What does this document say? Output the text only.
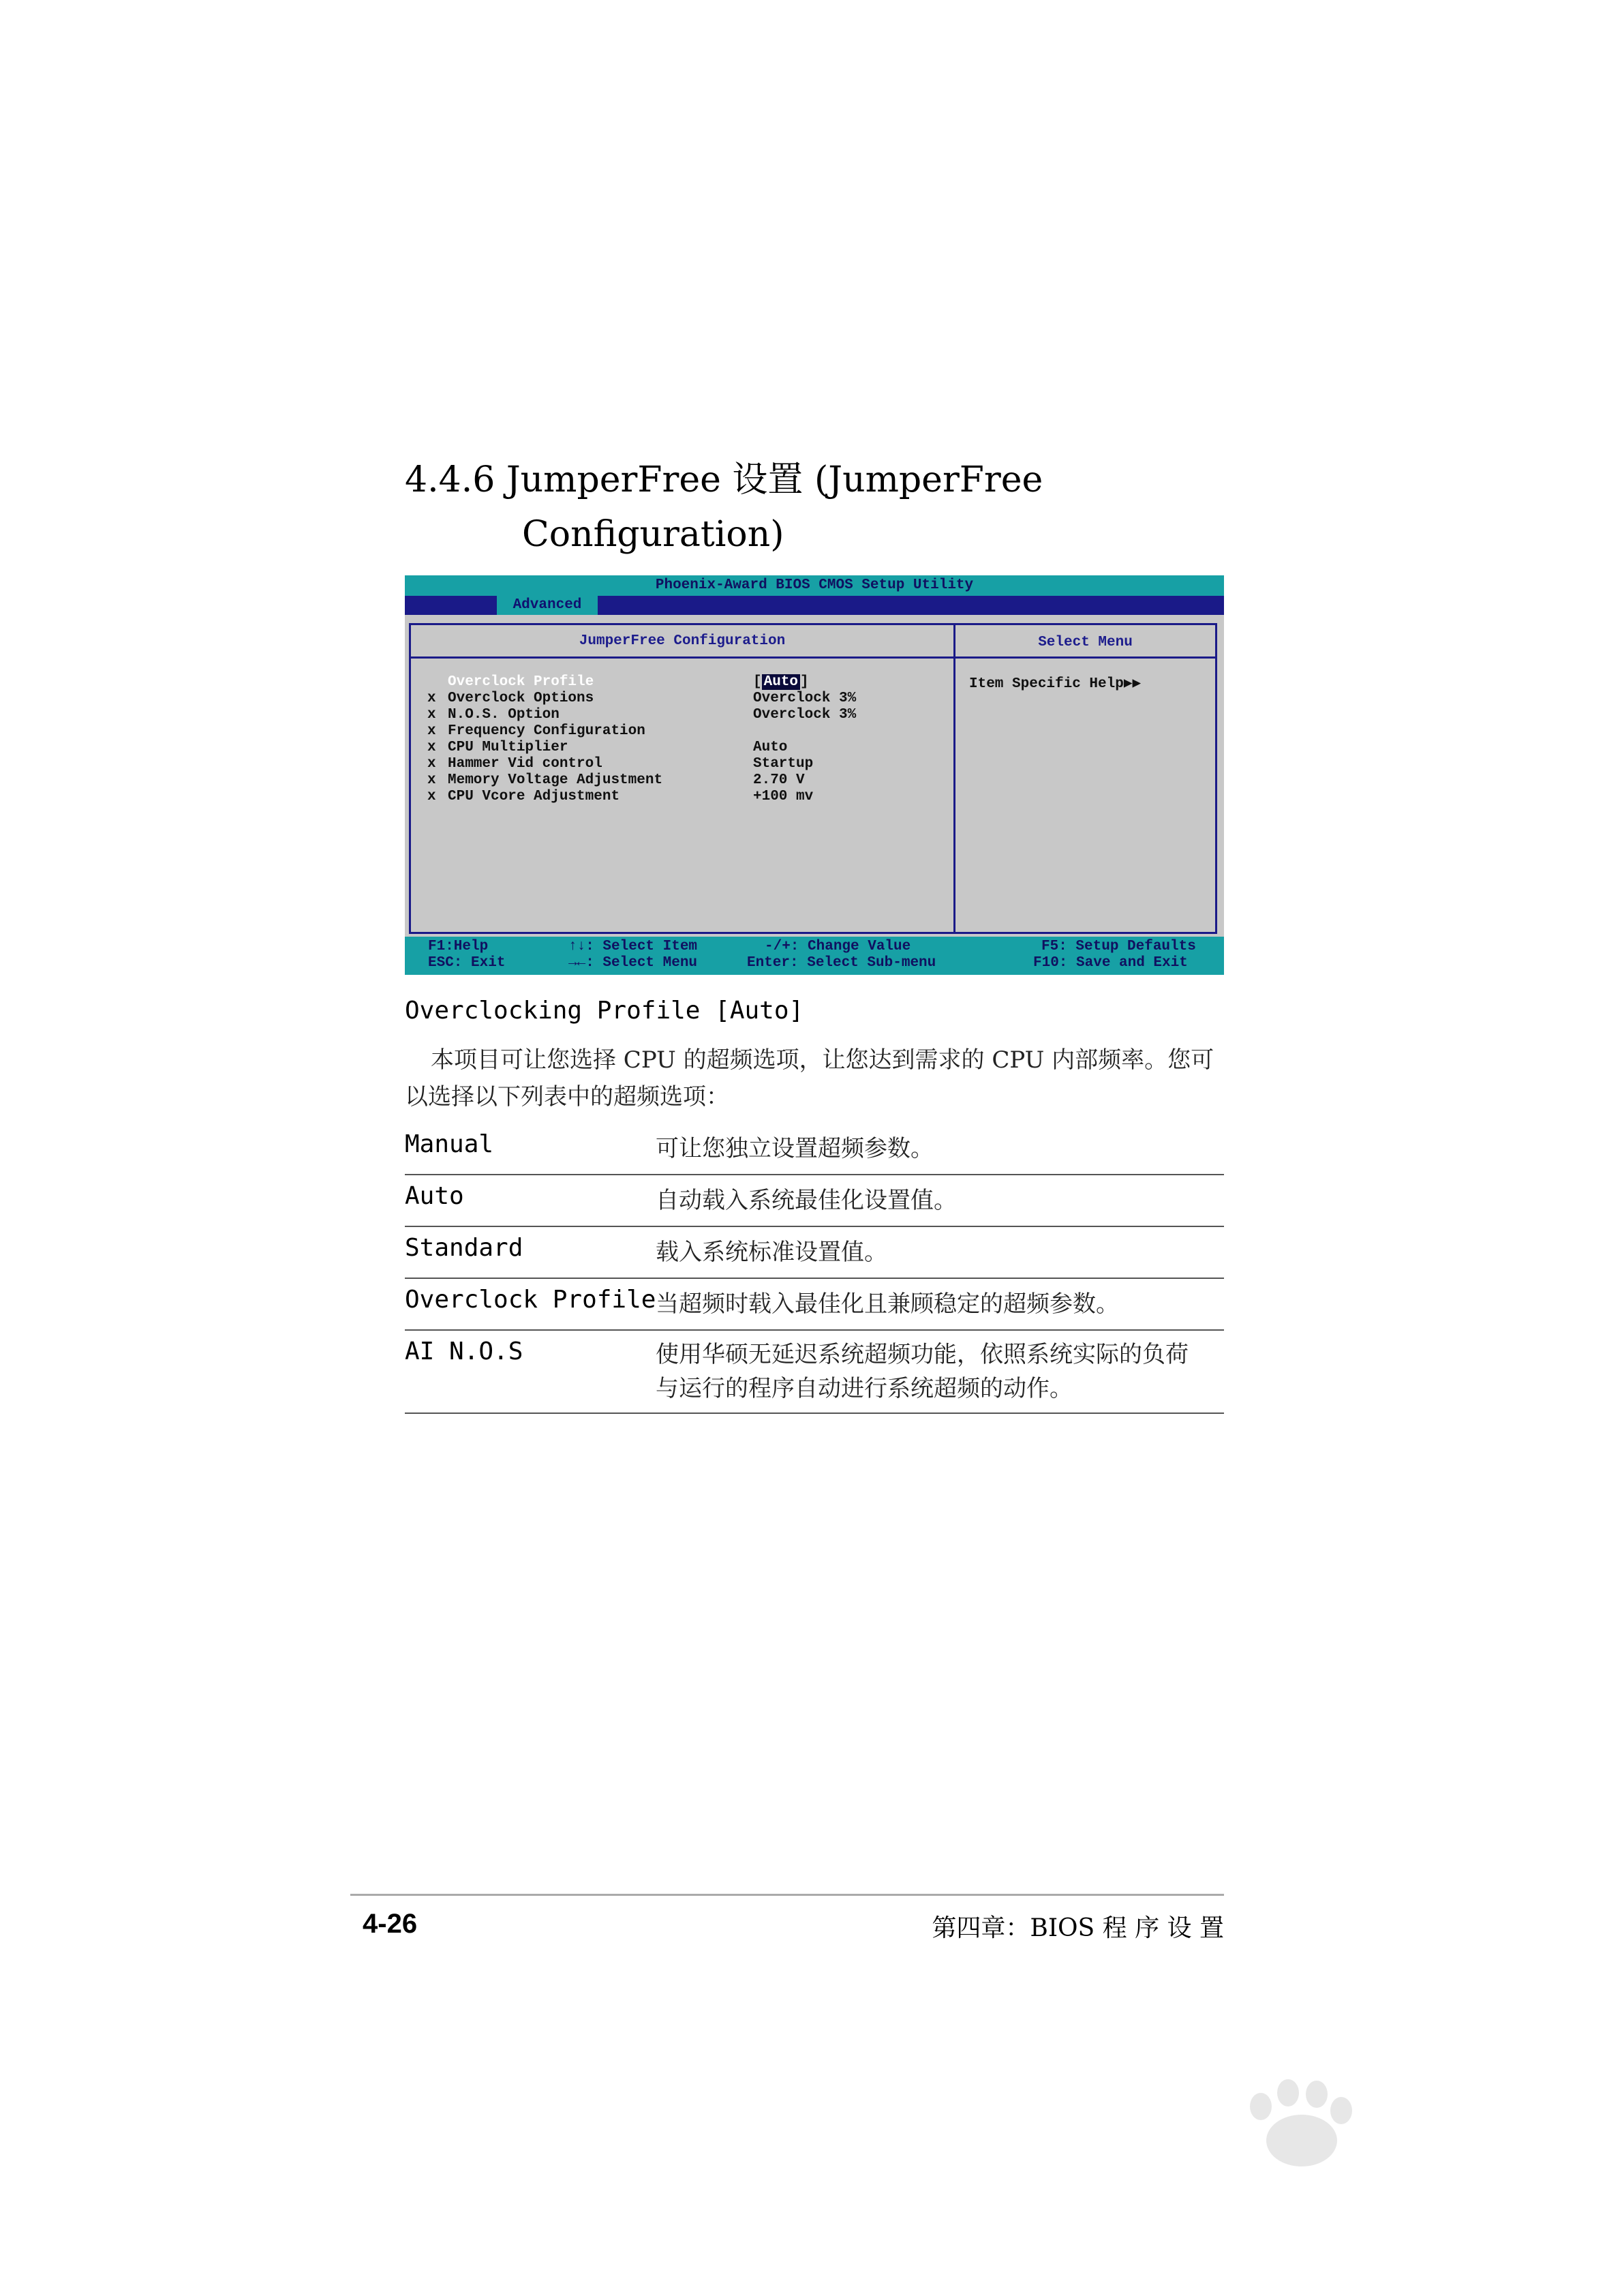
4.4.6 JumperFree 设置 (JumperFree
Configuration)
Phoenix-Award BIOS CMOS Setup Utility
Advanced
JumperFree Configuration	Select Menu
Overclock Profile	[ Auto ]
x Overclock Options	Overclock 3%
x N.O.S. Option	Overclock 3%
x Frequency Configuration
x CPU Multiplier	Auto
x Hammer Vid control	Startup
x Memory Voltage Adjustment	2.70 V
x CPU Vcore Adjustment	+100 mv
Item Specific Help▶▶
F1:Help
ESC: Exit
↑↓: Select Item
→←: Select Menu
-/+: Change Value
Enter: Select Sub-menu
F5: Setup Defaults
F10: Save and Exit
Overclocking Profile [Auto]
本项目可让您选择 CPU 的超频选项，让您达到需求的 CPU 内部频率。您可以选择以下列表中的超频选项：
Manual	可让您独立设置超频参数。
Auto	自动载入系统最佳化设置值。
Standard	载入系统标准设置值。
Overclock Profile 当超频时载入最佳化且兼顾稳定的超频参数。
AI N.O.S	使用华硕无延迟系统超频功能，依照系统实际的负荷与运行的程序自动进行系统超频的动作。
4-26	第四章：BIOS 程 序 设 置
